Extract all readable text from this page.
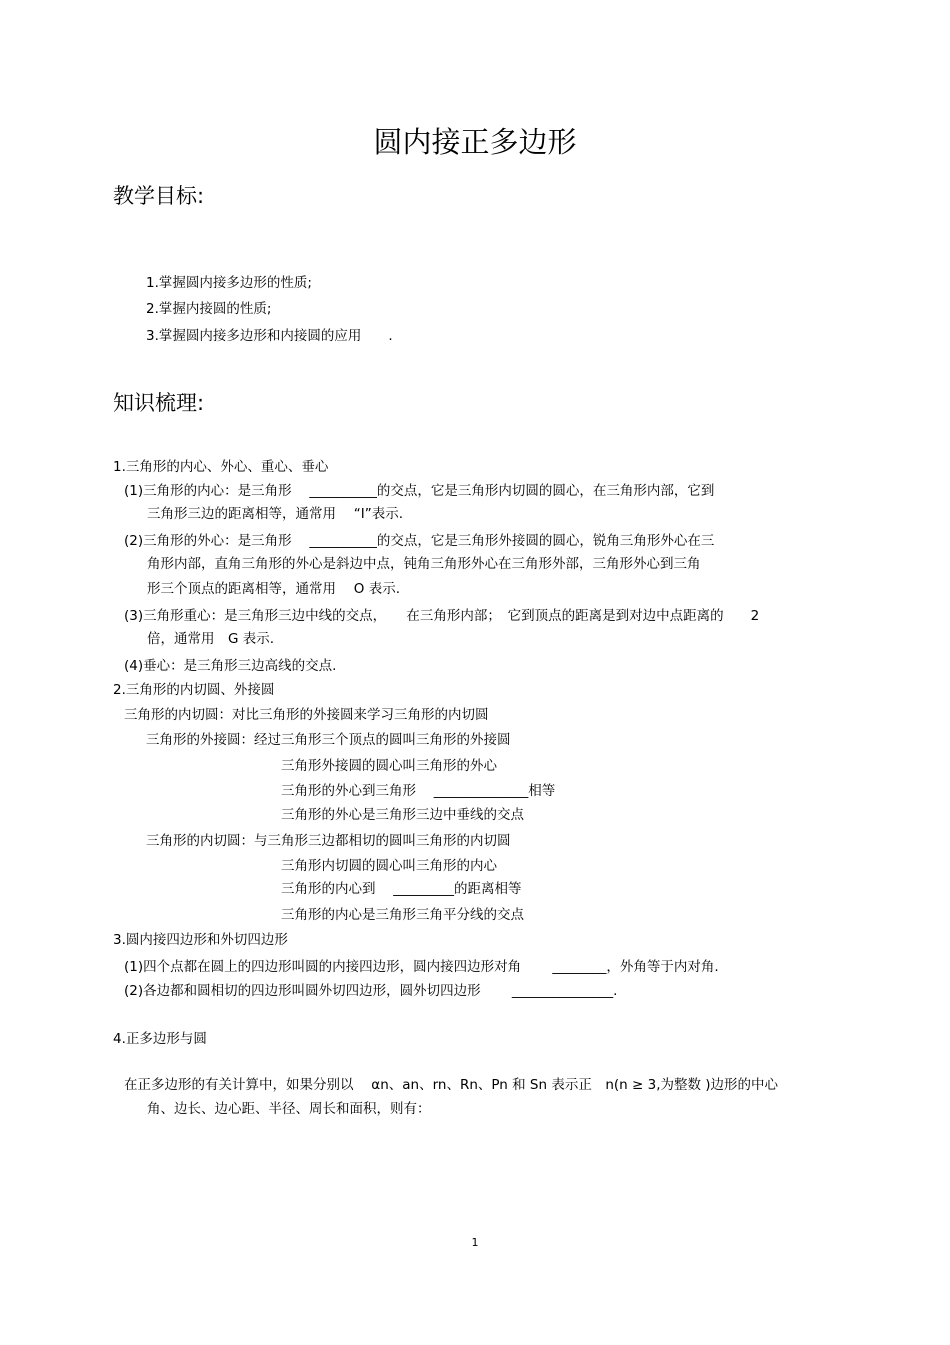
圆内接正多边形
教学目标:
1.掌握圆内接多边形的性质;
2.掌握内接圆的性质;
3.掌握圆内接多边形和内接圆的应用　　.
知识梳理:
1.三角形的内心、外心、重心、垂心
(1)三角形的内心：是三角形　 __________的交点，它是三角形内切圆的圆心，在三角形内部，它到
三角形三边的距离相等，通常用　 “I”表示.
(2)三角形的外心：是三角形　 __________的交点，它是三角形外接圆的圆心，锐角三角形外心在三
角形内部，直角三角形的外心是斜边中点，钝角三角形外心在三角形外部，三角形外心到三角
形三个顶点的距离相等，通常用　 O 表示.
(3)三角形重心：是三角形三边中线的交点，　　在三角形内部；　它到顶点的距离是到对边中点距离的　　2
倍，通常用　G 表示.
(4)垂心：是三角形三边高线的交点.
2.三角形的内切圆、外接圆
三角形的内切圆：对比三角形的外接圆来学习三角形的内切圆
三角形的外接圆：经过三角形三个顶点的圆叫三角形的外接圆
三角形外接圆的圆心叫三角形的外心
三角形的外心到三角形　 ______________相等
三角形的外心是三角形三边中垂线的交点
三角形的内切圆：与三角形三边都相切的圆叫三角形的内切圆
三角形内切圆的圆心叫三角形的内心
三角形的内心到　 _________的距离相等
三角形的内心是三角形三角平分线的交点
3.圆内接四边形和外切四边形
(1)四个点都在圆上的四边形叫圆的内接四边形，圆内接四边形对角　　 ________，外角等于内对角.
(2)各边都和圆相切的四边形叫圆外切四边形，圆外切四边形　　 _______________.
4.正多边形与圆
在正多边形的有关计算中，如果分别以　 αn、an、rn、Rn、Pn 和 Sn 表示正　n(n ≥ 3,为整数 )边形的中心
角、边长、边心距、半径、周长和面积，则有：
1
